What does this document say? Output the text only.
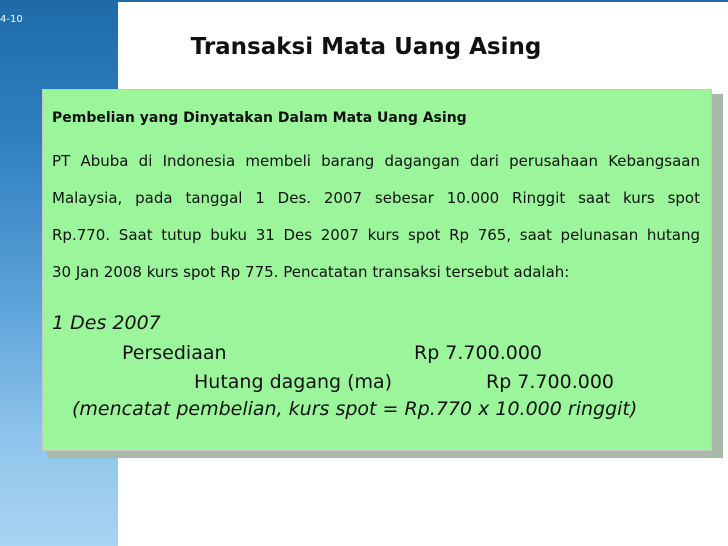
4-10
Transaksi Mata Uang Asing
Pembelian yang Dinyatakan Dalam Mata Uang Asing
PT Abuba di Indonesia membeli barang dagangan dari perusahaan Kebangsaan
Malaysia, pada tanggal 1 Des. 2007 sebesar 10.000 Ringgit saat kurs spot
Rp.770. Saat tutup buku 31 Des 2007 kurs spot Rp 765, saat pelunasan hutang
30 Jan 2008 kurs spot Rp 775. Pencatatan transaksi tersebut adalah:
1 Des 2007
Persediaan	Rp 7.700.000
Hutang dagang (ma)	Rp 7.700.000
(mencatat pembelian, kurs spot = Rp.770 x 10.000 ringgit)
